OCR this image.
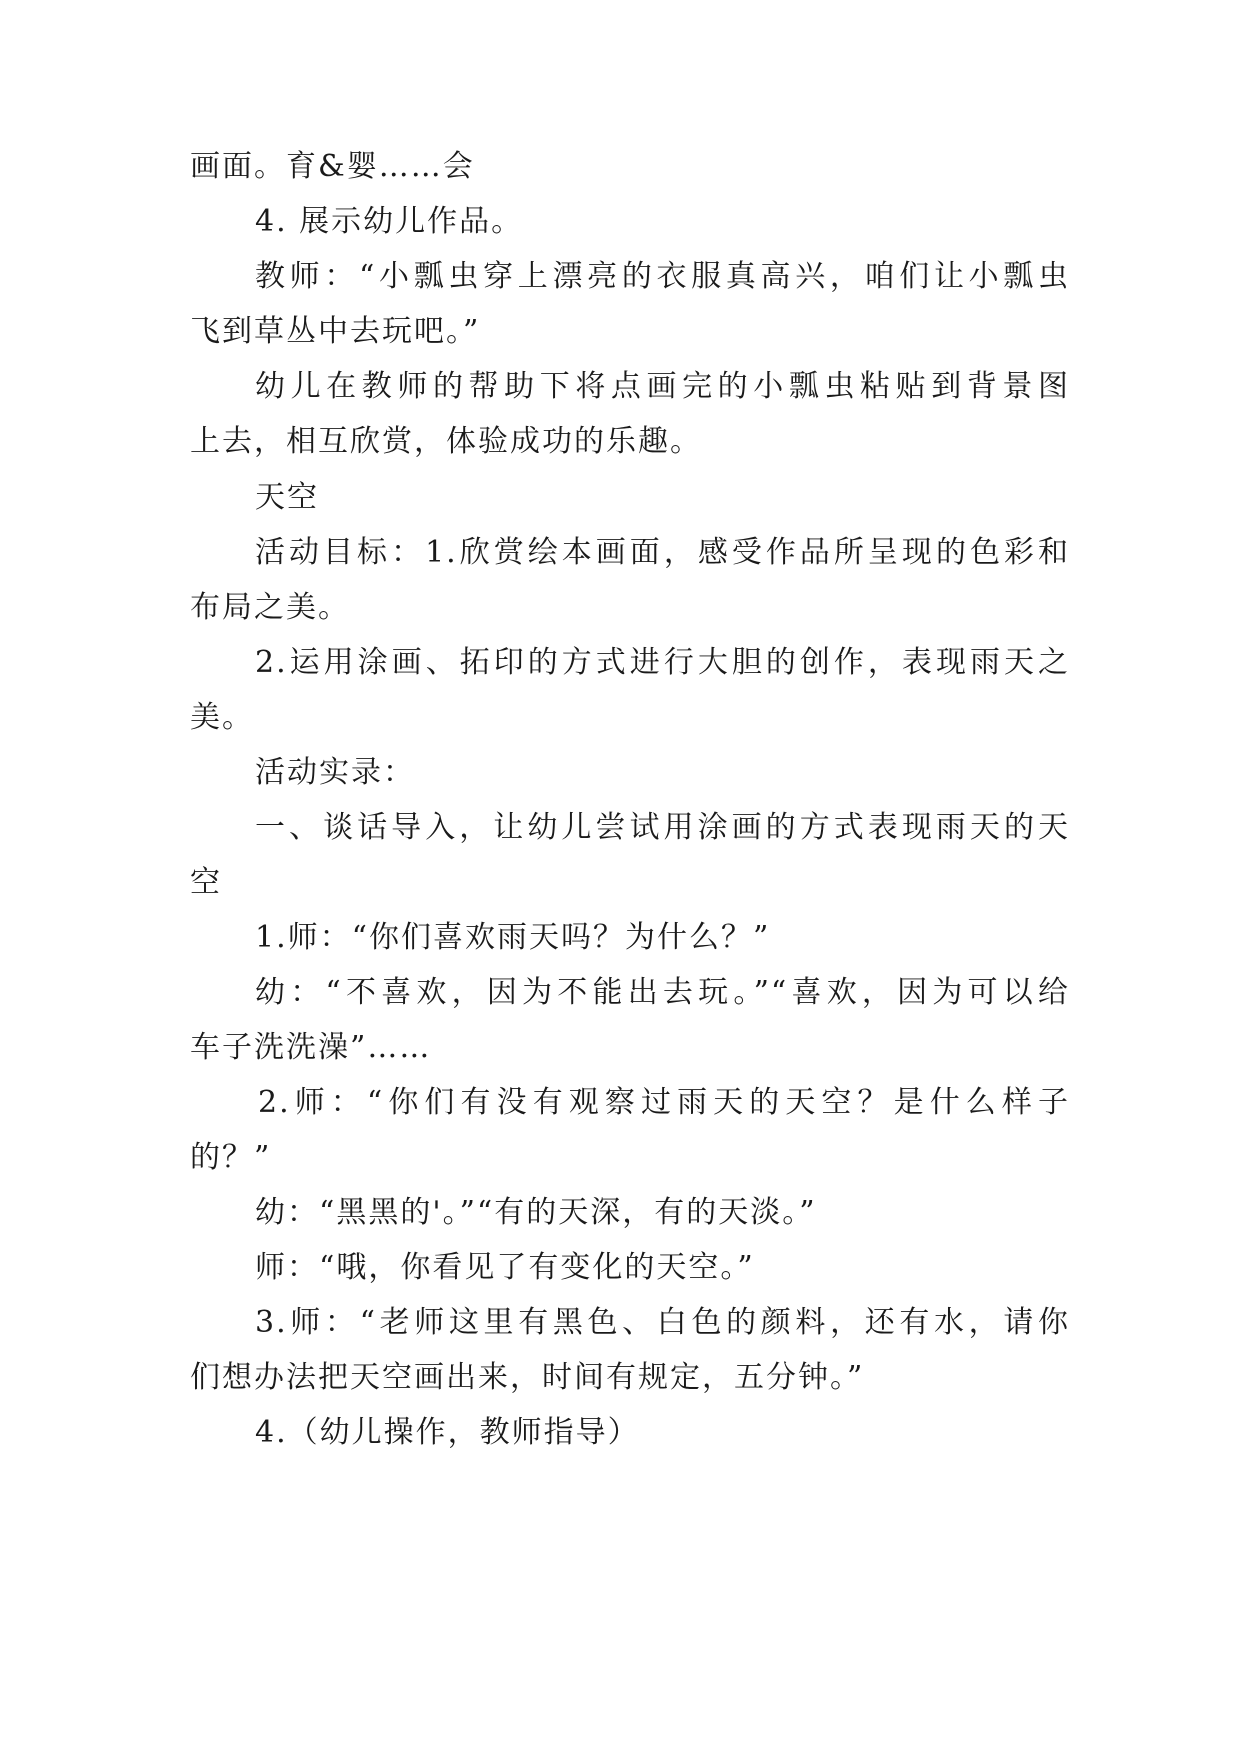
画面。育&婴……会
4. 展示幼儿作品。
教师：“小瓢虫穿上漂亮的衣服真高兴，咱们让小瓢虫
飞到草丛中去玩吧。”
幼儿在教师的帮助下将点画完的小瓢虫粘贴到背景图
上去，相互欣赏，体验成功的乐趣。
天空
活动目标：1.欣赏绘本画面，感受作品所呈现的色彩和
布局之美。
2.运用涂画、拓印的方式进行大胆的创作，表现雨天之
美。
活动实录：
一、谈话导入，让幼儿尝试用涂画的方式表现雨天的天
空
1.师：“你们喜欢雨天吗？为什么？”
幼：“不喜欢，因为不能出去玩。”“喜欢，因为可以给
车子洗洗澡”……
2.师：“你们有没有观察过雨天的天空？是什么样子
的？”
幼：“黑黑的'。”“有的天深，有的天淡。”
师：“哦，你看见了有变化的天空。”
3.师：“老师这里有黑色、白色的颜料，还有水，请你
们想办法把天空画出来，时间有规定，五分钟。”
4.（幼儿操作，教师指导）
